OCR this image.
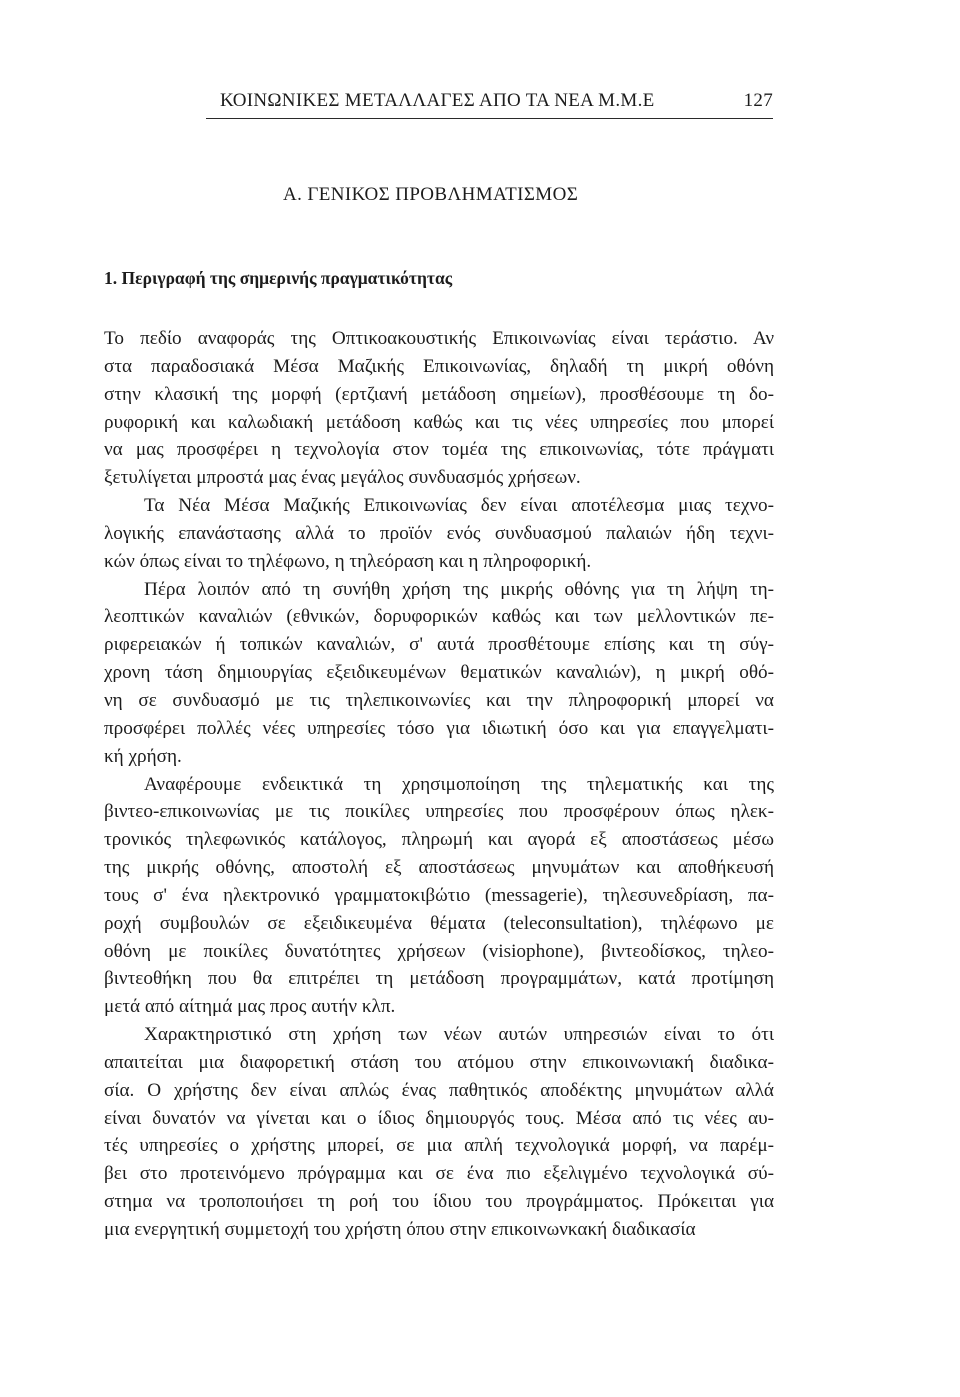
ΚΟΙΝΩΝΙΚΕΣ ΜΕΤΑΛΛΑΓΕΣ ΑΠΟ ΤΑ ΝΕΑ Μ.Μ.Ε	127
Α. ΓΕΝΙΚΟΣ ΠΡΟΒΛΗΜΑΤΙΣΜΟΣ
1. Περιγραφή της σημερινής πραγματικότητας
Το πεδίο αναφοράς της Οπτικοακουστικής Επικοινωνίας είναι τεράστιο. Αν
στα παραδοσιακά Μέσα Μαζικής Επικοινωνίας, δηλαδή τη μικρή οθόνη
στην κλασική της μορφή (ερτζιανή μετάδοση σημείων), προσθέσουμε τη δο-
ρυφορική και καλωδιακή μετάδοση καθώς και τις νέες υπηρεσίες που μπορεί
να μας προσφέρει η τεχνολογία στον τομέα της επικοινωνίας, τότε πράγματι
ξετυλίγεται μπροστά μας ένας μεγάλος συνδυασμός χρήσεων.
Τα Νέα Μέσα Μαζικής Επικοινωνίας δεν είναι αποτέλεσμα μιας τεχνο-
λογικής επανάστασης αλλά το προϊόν ενός συνδυασμού παλαιών ήδη τεχνι-
κών όπως είναι το τηλέφωνο, η τηλεόραση και η πληροφορική.
Πέρα λοιπόν από τη συνήθη χρήση της μικρής οθόνης για τη λήψη τη-
λεοπτικών καναλιών (εθνικών, δορυφορικών καθώς και των μελλοντικών πε-
ριφερειακών ή τοπικών καναλιών, σ' αυτά προσθέτουμε επίσης και τη σύγ-
χρονη τάση δημιουργίας εξειδικευμένων θεματικών καναλιών), η μικρή οθό-
νη σε συνδυασμό με τις τηλεπικοινωνίες και την πληροφορική μπορεί να
προσφέρει πολλές νέες υπηρεσίες τόσο για ιδιωτική όσο και για επαγγελματι-
κή χρήση.
Αναφέρουμε ενδεικτικά τη χρησιμοποίηση της τηλεματικής και της
βιντεο-επικοινωνίας με τις ποικίλες υπηρεσίες που προσφέρουν όπως ηλεκ-
τρονικός τηλεφωνικός κατάλογος, πληρωμή και αγορά εξ αποστάσεως μέσω
της μικρής οθόνης, αποστολή εξ αποστάσεως μηνυμάτων και αποθήκευσή
τους σ' ένα ηλεκτρονικό γραμματοκιβώτιο (messagerie), τηλεσυνεδρίαση, πα-
ροχή συμβουλών σε εξειδικευμένα θέματα (teleconsultation), τηλέφωνο με
οθόνη με ποικίλες δυνατότητες χρήσεων (visiophone), βιντεοδίσκος, τηλεο-
βιντεοθήκη που θα επιτρέπει τη μετάδοση προγραμμάτων, κατά προτίμηση
μετά από αίτημά μας προς αυτήν κλπ.
Χαρακτηριστικό στη χρήση των νέων αυτών υπηρεσιών είναι το ότι
απαιτείται μια διαφορετική στάση του ατόμου στην επικοινωνιακή διαδικα-
σία. Ο χρήστης δεν είναι απλώς ένας παθητικός αποδέκτης μηνυμάτων αλλά
είναι δυνατόν να γίνεται και ο ίδιος δημιουργός τους. Μέσα από τις νέες αυ-
τές υπηρεσίες ο χρήστης μπορεί, σε μια απλή τεχνολογικά μορφή, να παρέμ-
βει στο προτεινόμενο πρόγραμμα και σε ένα πιο εξελιγμένο τεχνολογικά σύ-
στημα να τροποποιήσει τη ροή του ίδιου του προγράμματος. Πρόκειται για
μια ενεργητική συμμετοχή του χρήστη όπου στην επικοινωνκακή διαδικασία
